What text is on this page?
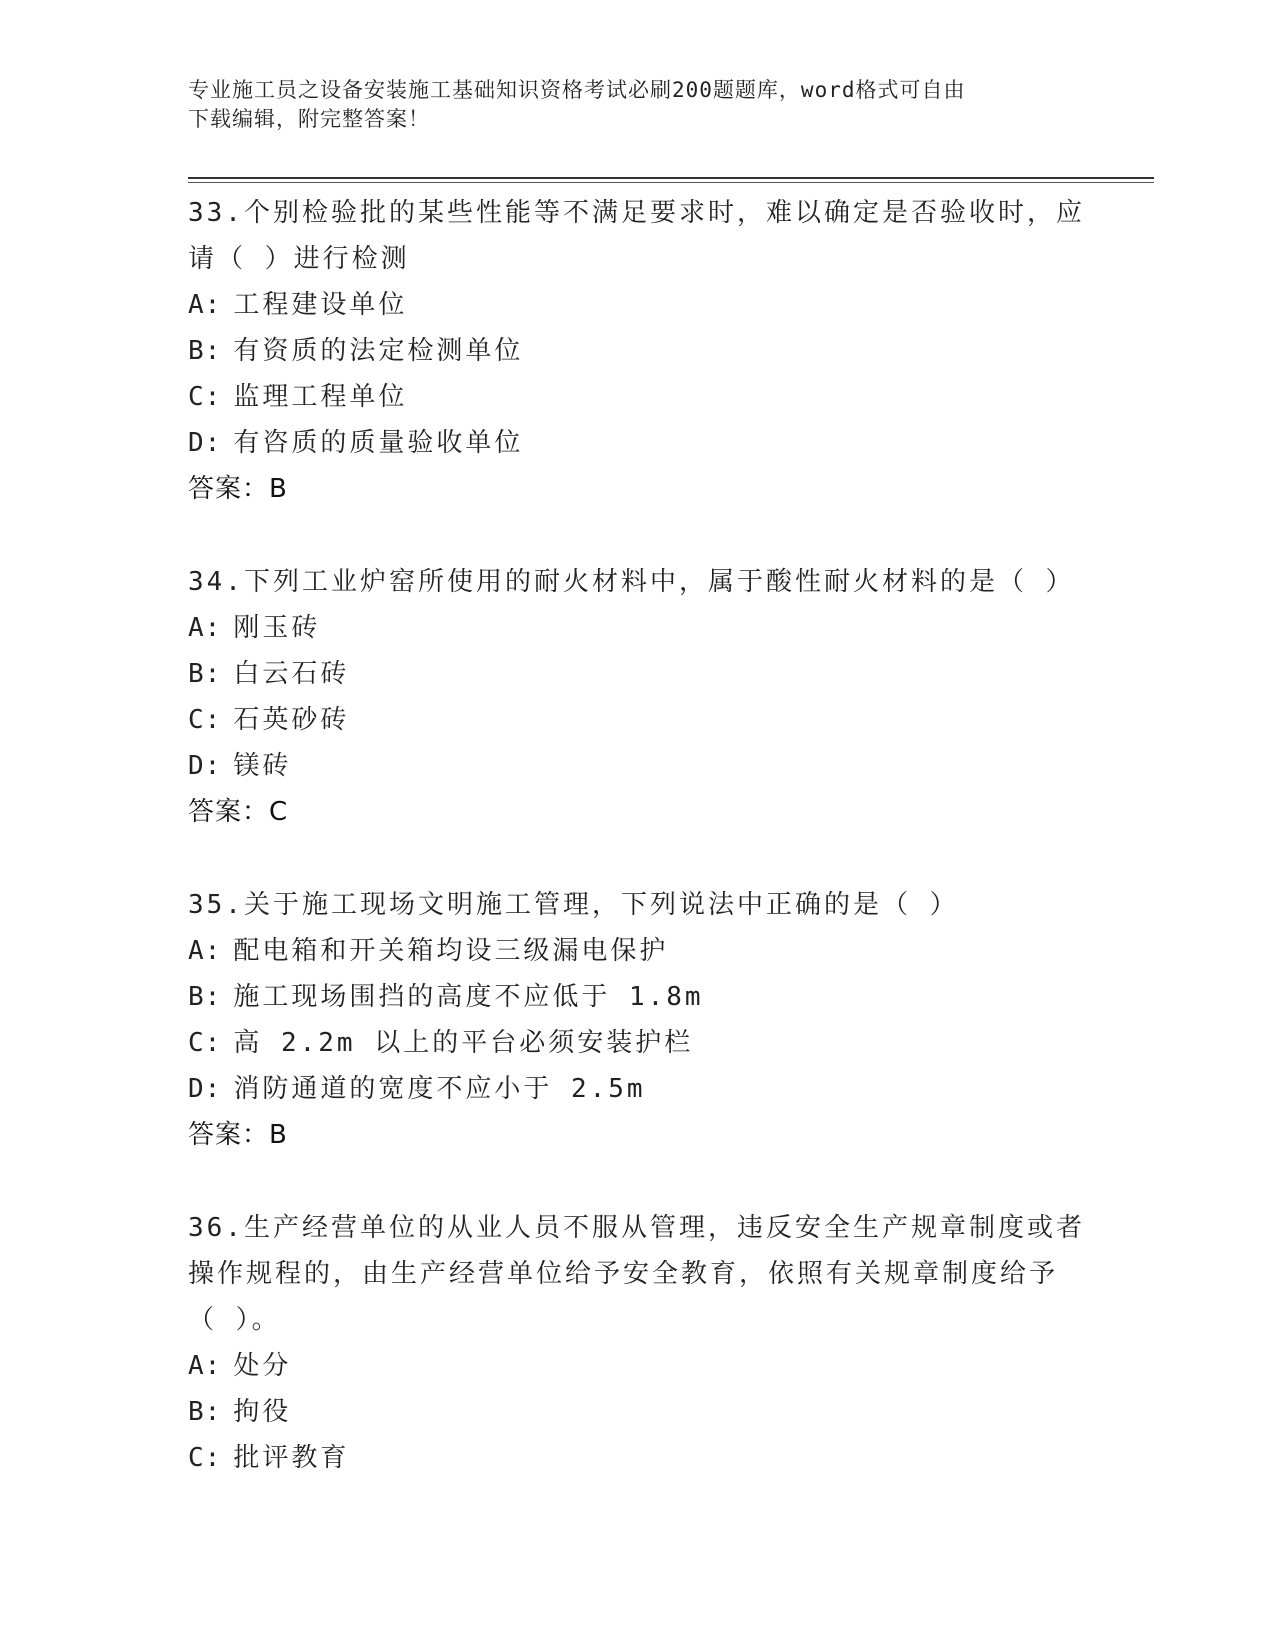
专业施工员之设备安装施工基础知识资格考试必刷200题题库，word格式可自由
下载编辑，附完整答案！
33.个别检验批的某些性能等不满足要求时，难以确定是否验收时，应
请（ ）进行检测
A: 工程建设单位
B: 有资质的法定检测单位
C: 监理工程单位
D: 有咨质的质量验收单位
答案：B
34.下列工业炉窑所使用的耐火材料中，属于酸性耐火材料的是（ ）
A: 刚玉砖
B: 白云石砖
C: 石英砂砖
D: 镁砖
答案：C
35.关于施工现场文明施工管理，下列说法中正确的是（ ）
A: 配电箱和开关箱均设三级漏电保护
B: 施工现场围挡的高度不应低于 1.8m
C: 高 2.2m 以上的平台必须安装护栏
D: 消防通道的宽度不应小于 2.5m
答案：B
36.生产经营单位的从业人员不服从管理，违反安全生产规章制度或者
操作规程的，由生产经营单位给予安全教育，依照有关规章制度给予
（ ）。
A: 处分
B: 拘役
C: 批评教育
